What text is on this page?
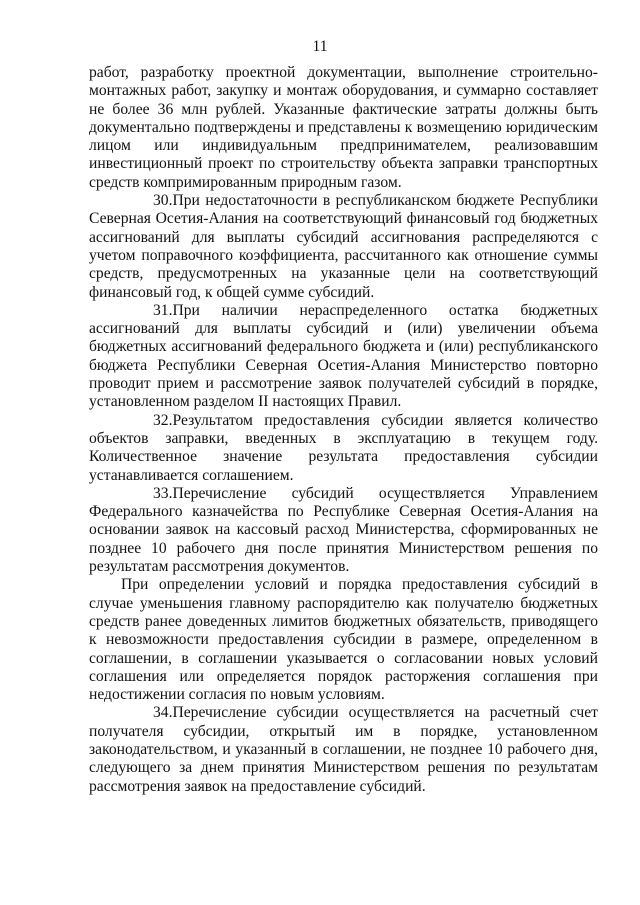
11

работ, разработку проектной документации, выполнение строительно-монтажных работ, закупку и монтаж оборудования, и суммарно составляет не более 36 млн рублей. Указанные фактические затраты должны быть документально подтверждены и представлены к возмещению юридическим лицом или индивидуальным предпринимателем, реализовавшим инвестиционный проект по строительству объекта заправки транспортных средств компримированным природным газом.

30.При недостаточности в республиканском бюджете Республики Северная Осетия-Алания на соответствующий финансовый год бюджетных ассигнований для выплаты субсидий ассигнования распределяются с учетом поправочного коэффициента, рассчитанного как отношение суммы средств, предусмотренных на указанные цели на соответствующий финансовый год, к общей сумме субсидий.

31.При наличии нераспределенного остатка бюджетных ассигнований для выплаты субсидий и (или) увеличении объема бюджетных ассигнований федерального бюджета и (или) республиканского бюджета Республики Северная Осетия-Алания Министерство повторно проводит прием и рассмотрение заявок получателей субсидий в порядке, установленном разделом II настоящих Правил.

32.Результатом предоставления субсидии является количество объектов заправки, введенных в эксплуатацию в текущем году. Количественное значение результата предоставления субсидии устанавливается соглашением.

33.Перечисление субсидий осуществляется Управлением Федерального казначейства по Республике Северная Осетия-Алания на основании заявок на кассовый расход Министерства, сформированных не позднее 10 рабочего дня после принятия Министерством решения по результатам рассмотрения документов.

При определении условий и порядка предоставления субсидий в случае уменьшения главному распорядителю как получателю бюджетных средств ранее доведенных лимитов бюджетных обязательств, приводящего к невозможности предоставления субсидии в размере, определенном в соглашении, в соглашении указывается о согласовании новых условий соглашения или определяется порядок расторжения соглашения при недостижении согласия по новым условиям.

34.Перечисление субсидии осуществляется на расчетный счет получателя субсидии, открытый им в порядке, установленном законодательством, и указанный в соглашении, не позднее 10 рабочего дня, следующего за днем принятия Министерством решения по результатам рассмотрения заявок на предоставление субсидий.
